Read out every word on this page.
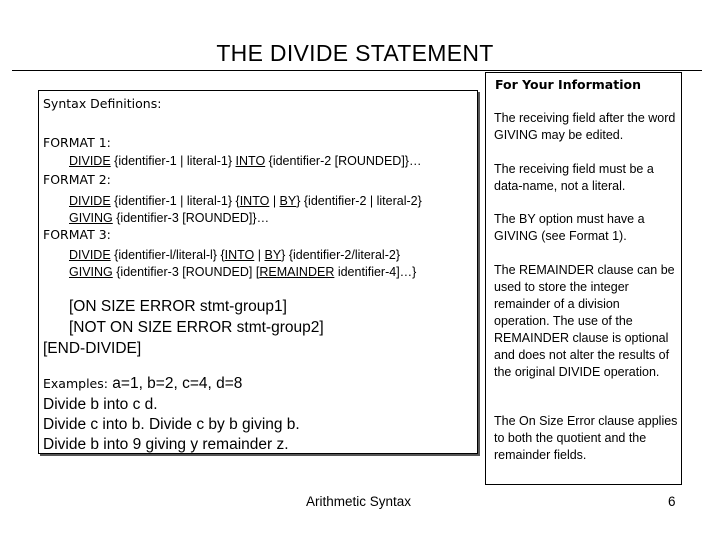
THE DIVIDE STATEMENT
Syntax Definitions:
FORMAT 1:
DIVIDE {identifier-1 | literal-1} INTO {identifier-2 [ROUNDED]}…
FORMAT 2:
DIVIDE {identifier-1 | literal-1} {INTO | BY} {identifier-2 | literal-2}
GIVING {identifier-3 [ROUNDED]}…
FORMAT 3:
DIVIDE {identifier-l/literal-l} {INTO | BY} {identifier-2/literal-2}
GIVING {identifier-3 [ROUNDED] [REMAINDER identifier-4]…}
[ON SIZE ERROR stmt-group1]
[NOT ON SIZE ERROR stmt-group2]
[END-DIVIDE]
Examples: a=1, b=2, c=4, d=8
Divide b into c d.
Divide c into b. Divide c by b giving b.
Divide b into 9 giving y remainder z.
For Your Information
The receiving field after the word GIVING may be edited.
The receiving field must be a data-name, not a literal.
The BY option must have a GIVING (see Format 1).
The REMAINDER clause can be used to store the integer remainder of a division operation. The use of the REMAINDER clause is optional and does not alter the results of the original DIVIDE operation.
The On Size Error clause applies to both the quotient and the remainder fields.
Arithmetic Syntax	6
